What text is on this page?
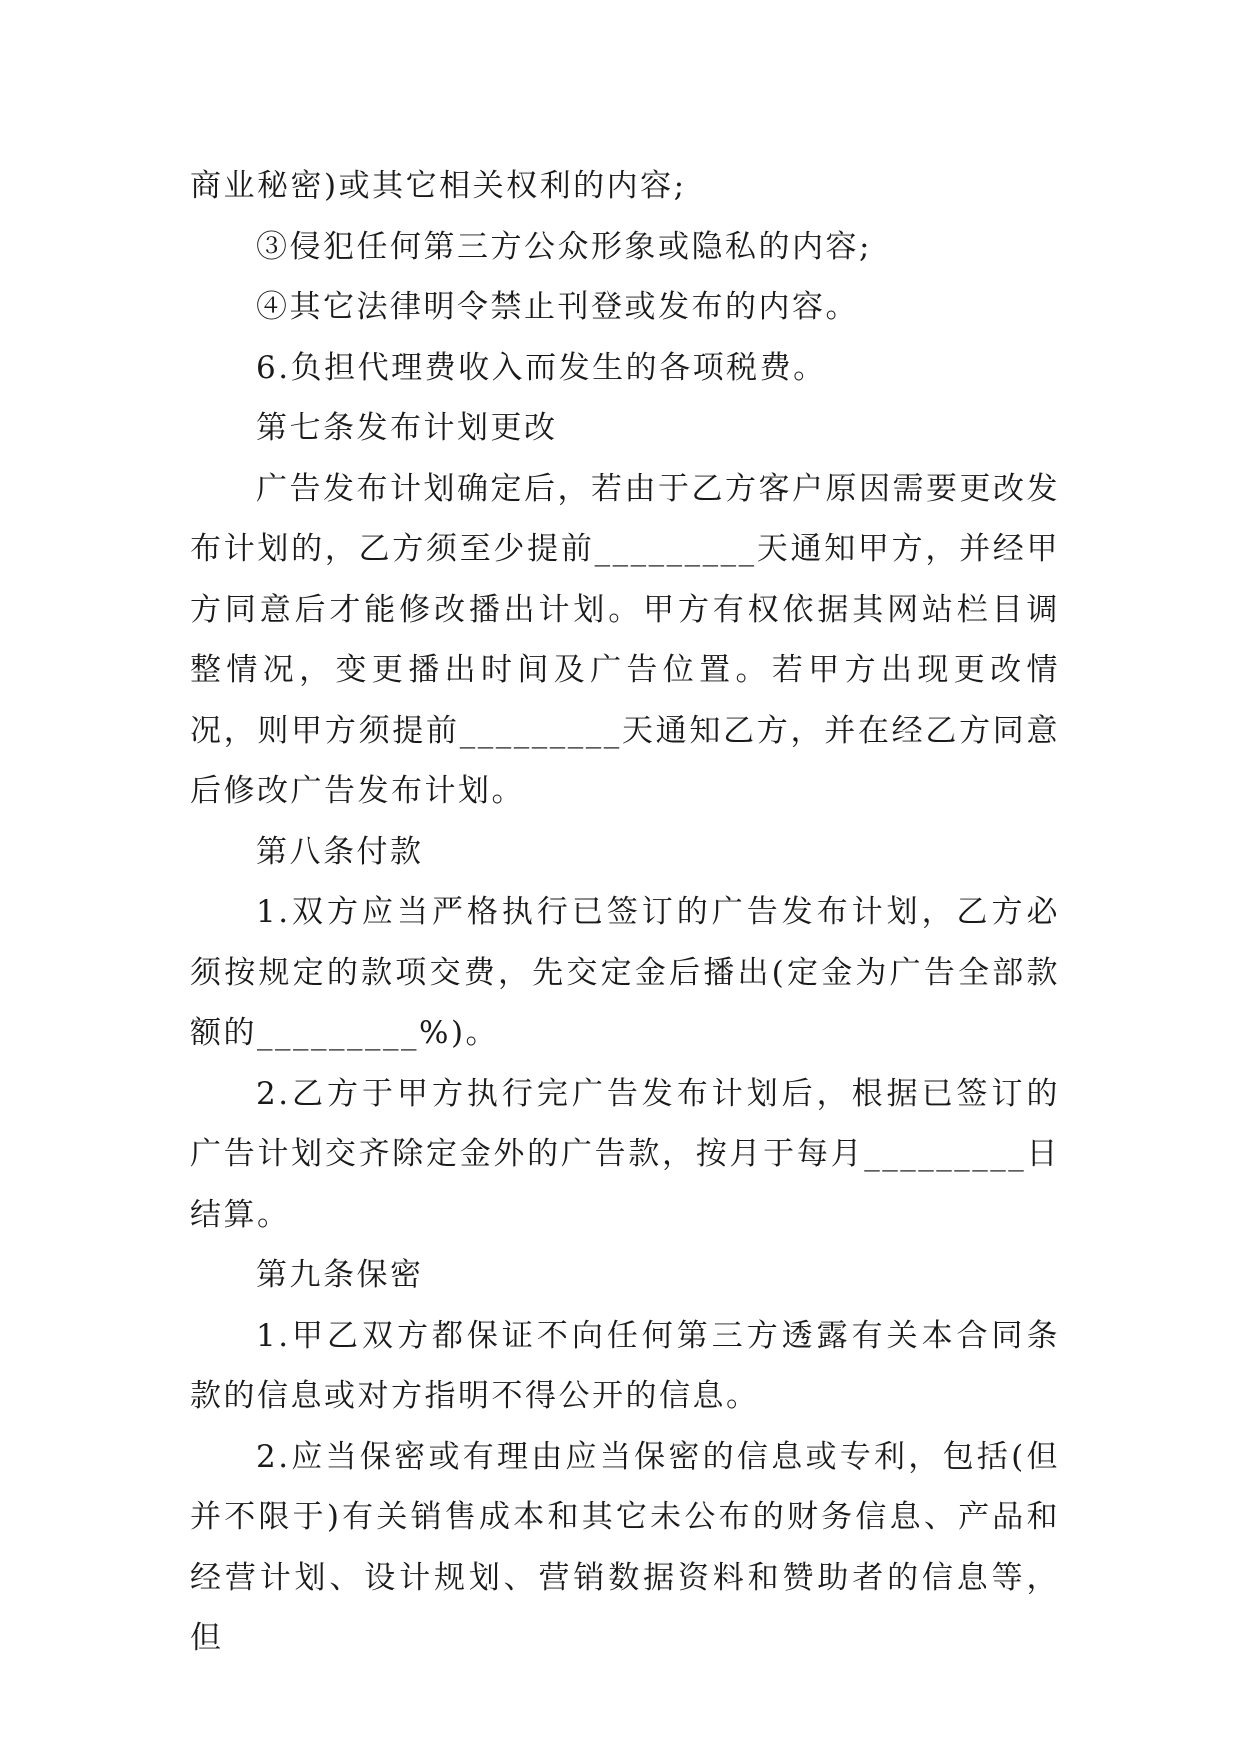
商业秘密)或其它相关权利的内容;

③侵犯任何第三方公众形象或隐私的内容;

④其它法律明令禁止刊登或发布的内容。

6.负担代理费收入而发生的各项税费。

第七条发布计划更改

广告发布计划确定后，若由于乙方客户原因需要更改发布计划的，乙方须至少提前_________天通知甲方，并经甲方同意后才能修改播出计划。甲方有权依据其网站栏目调整情况，变更播出时间及广告位置。若甲方出现更改情况，则甲方须提前_________天通知乙方，并在经乙方同意后修改广告发布计划。

第八条付款

1.双方应当严格执行已签订的广告发布计划，乙方必须按规定的款项交费，先交定金后播出(定金为广告全部款额的_________%)。

2.乙方于甲方执行完广告发布计划后，根据已签订的广告计划交齐除定金外的广告款，按月于每月_________日结算。

第九条保密

1.甲乙双方都保证不向任何第三方透露有关本合同条款的信息或对方指明不得公开的信息。

2.应当保密或有理由应当保密的信息或专利，包括(但并不限于)有关销售成本和其它未公布的财务信息、产品和经营计划、设计规划、营销数据资料和赞助者的信息等，但
